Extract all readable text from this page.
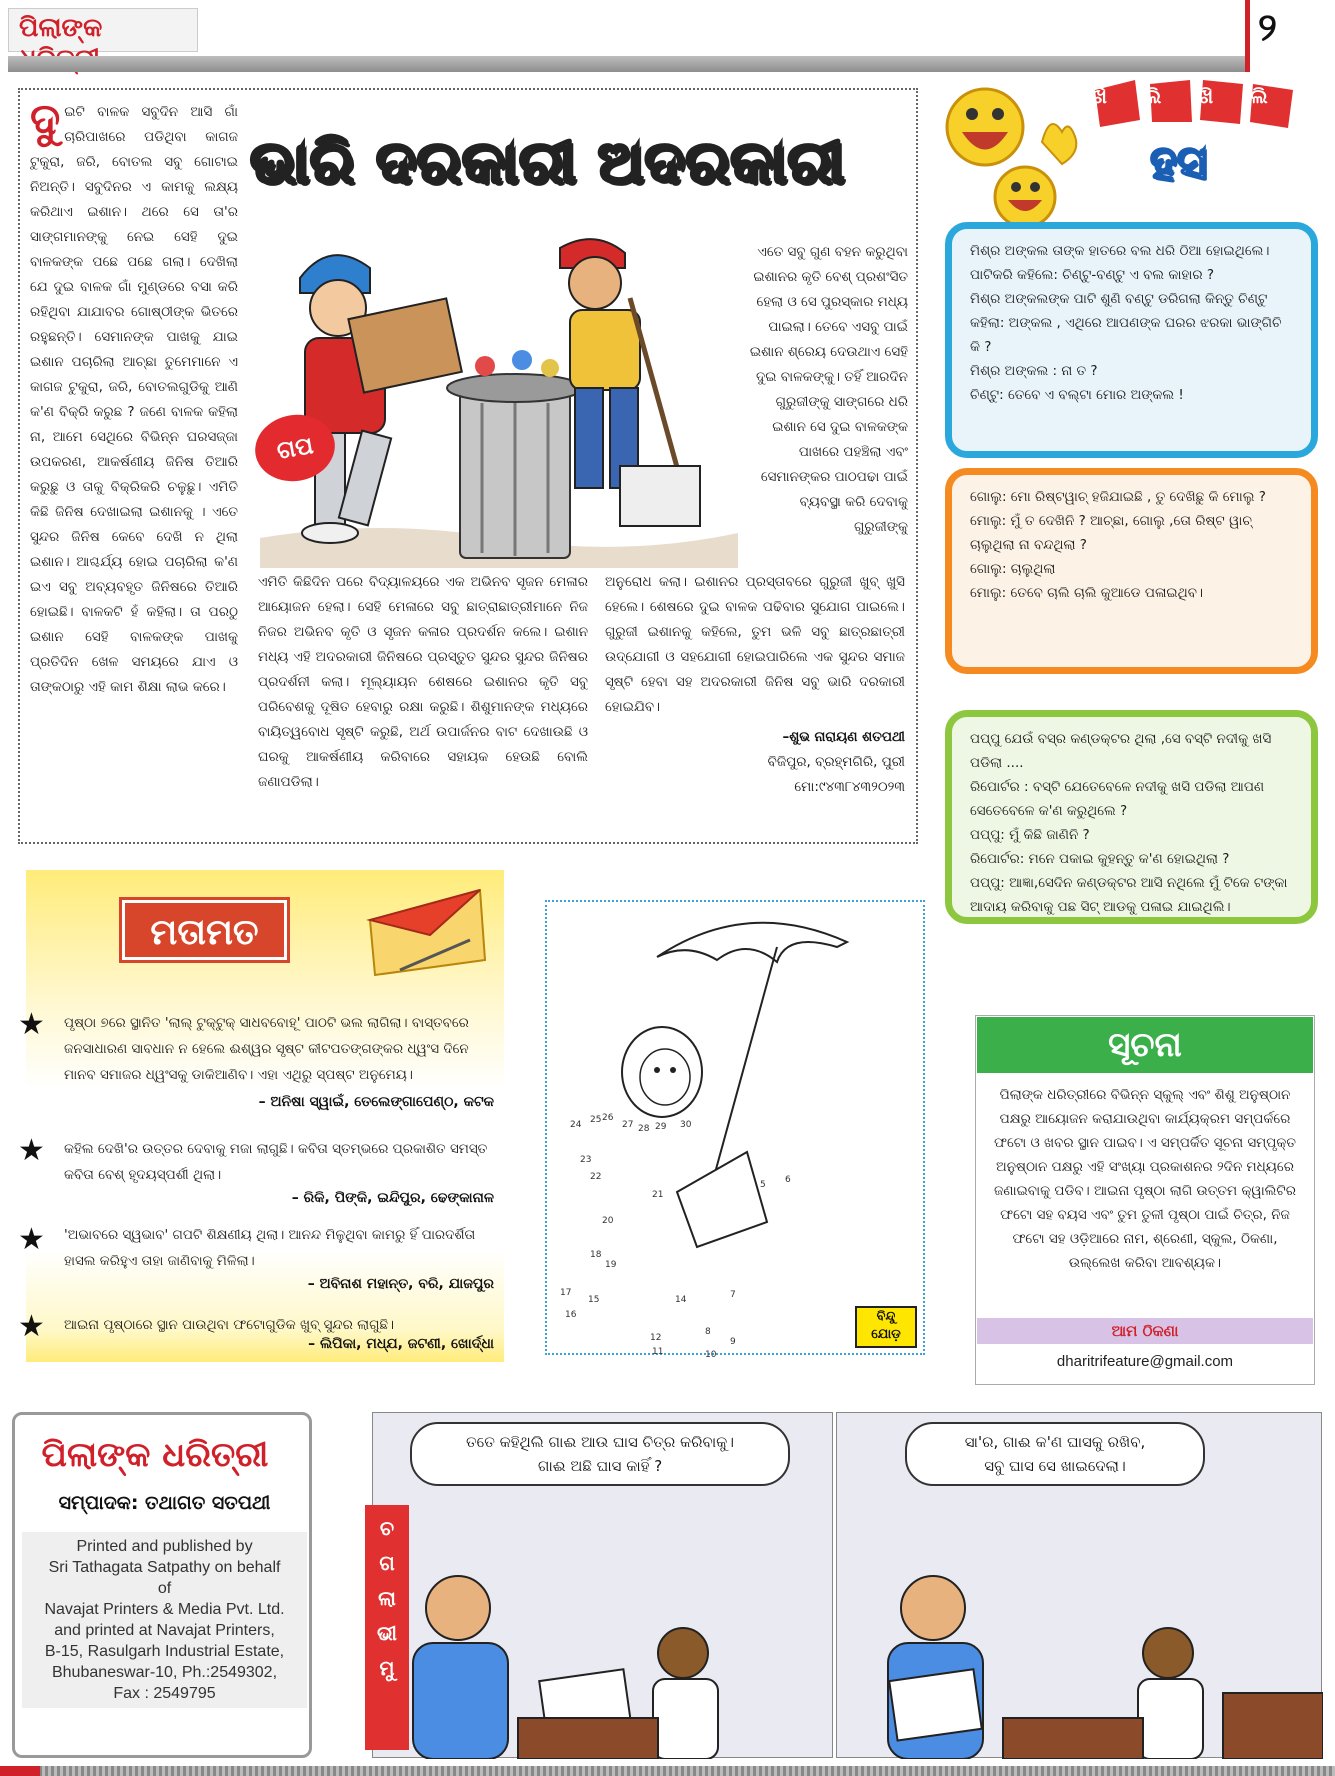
ପିଲାଙ୍କ	୨
ଦୁଇଟି ବାଳକ ସବୁଦିନ ଆସି ଗାଁ ଚାରିପାଖରେ ପଡିଥିବା କାଗଜ ଟୁକୁରା, ଜରି, ବୋତଲ ସବୁ ଗୋଟାଇ ନିଅନ୍ତି। ସବୁଦିନର ଏ କାମକୁ ଲକ୍ଷ୍ୟ କରିଥାଏ ଇଶାନ। ଥରେ ସେ ତା'ର ସାଙ୍ଗମାନଙ୍କୁ ନେଇ ସେହି ଦୁଇ ବାଳକଙ୍କ ପଛେ ପଛେ ଗଲା। ଦେଖିଲା ଯେ ଦୁଇ ବାଳକ ଗାଁ ମୁଣ୍ଡରେ ବସା କରି ରହିଥିବା ଯାଯାବର ଗୋଷ୍ଠୀଙ୍କ ଭିତରେ ରହୁଛନ୍ତି। ସେମାନଙ୍କ ପାଖକୁ ଯାଇ ଇଶାନ ପଚାରିଲା ଆଚ୍ଛା ତୁମେମାନେ ଏ କାଗଜ ଟୁକୁରା, ଜରି, ବୋତଲଗୁଡିକୁ ଆଣି କ'ଣ ବିକ୍ରି କରୁଛ ? ଜଣେ ବାଳକ କହିଲା ନା, ଆମେ ସେଥିରେ ବିଭିନ୍ନ ଘରସଜ୍ଜା ଉପକରଣ, ଆକର୍ଷଣୀୟ ଜିନିଷ ତିଆରି କରୁଛୁ ଓ ତାକୁ ବିକ୍ରିକରି ଚଳୁଛୁ। ଏମିତି କିଛି ଜିନିଷ ଦେଖାଇଲା ଇଶାନକୁ । ଏତେ ସୁନ୍ଦର ଜିନିଷ କେବେ ଦେଖି ନ ଥିଲା ଇଶାନ। ଆଶ୍ଚର୍ଯ୍ୟ ହୋଇ ପଚାରିଲା କ'ଣ ଇଏ ସବୁ ଅବ୍ୟବହୃତ ଜିନିଷରେ ତିଆରି ହୋଇଛି। ବାଳକଟି ହଁ କହିଲା। ତା ପରଠୁ ଇଶାନ ସେହି ବାଳକଙ୍କ ପାଖକୁ ପ୍ରତିଦିନ ଖେଳ ସମୟରେ ଯାଏ ଓ ତାଙ୍କଠାରୁ ଏହି କାମ ଶିକ୍ଷା ଲାଭ କରେ।
ଭାରି ଦରକାରୀ ଅଦରକାରୀ
ଗପ
ଏତେ ସବୁ ଗୁଣ ବହନ କରୁଥିବା ଇଶାନର କୃତି ବେଶ୍ ପ୍ରଶଂସିତ ହେଲା ଓ ସେ ପୁରସ୍କାର ମଧ୍ୟ ପାଇଲା। ତେବେ ଏସବୁ ପାଇଁ ଇଶାନ ଶ୍ରେୟ ଦେଉଥାଏ ସେହି ଦୁଇ ବାଳକଙ୍କୁ। ତହିଁ ଆରଦିନ ଗୁରୁଜୀଙ୍କୁ ସାଙ୍ଗରେ ଧରି ଇଶାନ ସେ ଦୁଇ ବାଳକଙ୍କ ପାଖରେ ପହଞ୍ଚିଲା ଏବଂ ସେମାନଙ୍କର ପାଠପଢା ପାଇଁ ବ୍ୟବସ୍ଥା କରି ଦେବାକୁ ଗୁରୁଜୀଙ୍କୁ
ଏମିତି କିଛିଦିନ ପରେ ବିଦ୍ୟାଳୟରେ ଏକ ଅଭିନବ ସୃଜନ ମେଳାର ଆୟୋଜନ ହେଲା। ସେହି ମେଳାରେ ସବୁ ଛାତ୍ରାଛାତ୍ରୀମାନେ ନିଜ ନିଜର ଅଭିନବ କୃତି ଓ ସୃଜନ କଳାର ପ୍ରଦର୍ଶନ କଲେ। ଇଶାନ ମଧ୍ୟ ଏହି ଅଦରକାରୀ ଜିନିଷରେ ପ୍ରସ୍ତୁତ ସୁନ୍ଦର ସୁନ୍ଦର ଜିନିଷର ପ୍ରଦର୍ଶନୀ କଲା। ମୂଲ୍ୟାୟନ ଶେଷରେ ଇଶାନର କୃତି ସବୁ ପରିବେଶକୁ ଦୂଷିତ ହେବାରୁ ରକ୍ଷା କରୁଛି। ଶିଶୁମାନଙ୍କ ମଧ୍ୟରେ ବାୟିତ୍ୱବୋଧ ସୃଷ୍ଟି କରୁଛି, ଅର୍ଥ ଉପାର୍ଜନର ବାଟ ଦେଖାଉଛି ଓ ଘରକୁ ଆକର୍ଷଣୀୟ କରିବାରେ ସହାୟକ ହେଉଛି ବୋଲି ଜଣାପଡିଲା।
ଅନୁରୋଧ କଲା। ଇଶାନର ପ୍ରସ୍ତାବରେ ଗୁରୁଜୀ ଖୁବ୍ ଖୁସି ହେଲେ। ଶେଷରେ ଦୁଇ ବାଳକ ପଢିବାର ସୁଯୋଗ ପାଇଲେ। ଗୁରୁଜୀ ଇଶାନକୁ କହିଲେ, ତୁମ ଭଳି ସବୁ ଛାତ୍ରଛାତ୍ରୀ ଉଦ୍‌ଯୋଗୀ ଓ ସହଯୋଗୀ ହୋଇପାରିଲେ ଏକ ସୁନ୍ଦର ସମାଜ ସୃଷ୍ଟି ହେବା ସହ ଅଦରକାରୀ ଜିନିଷ ସବୁ ଭାରି ଦରକାରୀ ହୋଇଯିବ।
–ଶୁଭ ନାରାୟଣ ଶତପଥୀ
ବିଜିପୁର, ବ୍ରହ୍ମଗିରି, ପୁରୀ
ମୋ:୯୪୩୮୪୩୨୦୨୩
ଖି ଲି ଖି ଲି
ହସ
ମିଶ୍ର ଅଙ୍କଲ ତାଙ୍କ ହାତରେ ବଲ ଧରି ଠିଆ ହୋଇଥିଲେ। ପାଟିକରି କହିଲେ: ଚିଣ୍ଟୁ-ବଣ୍ଟୁ ଏ ବଲ କାହାର ?
ମିଶ୍ର ଅଙ୍କଲଙ୍କ ପାଟି ଶୁଣି ବଣ୍ଟୁ ଡରିଗଲା କିନ୍ତୁ ଚିଣ୍ଟୁ କହିଲା: ଅଙ୍କଲ , ଏଥିରେ ଆପଣଙ୍କ ଘରର ଝରକା ଭାଙ୍ଗିଚି କି ?
ମିଶ୍ର ଅଙ୍କଲ : ନା ତ ?
ଚିଣ୍ଟୁ: ତେବେ ଏ ବଲ୍‌ଟା ମୋର ଅଙ୍କଲ !
ଗୋଲୁ: ମୋ ରିଷ୍ଟୱାଚ୍ ହଜିଯାଇଛି , ତୁ ଦେଖିଛୁ କି ମୋଲୁ ?
ମୋଲୁ: ମୁଁ ତ ଦେଖିନି ? ଆଚ୍ଛା, ଗୋଲୁ ,ତୋ ରିଷ୍ଟ ୱାଚ୍ ଚାଲୁଥିଲା ନା ବନ୍ଦଥିଲା ?
ଗୋଲୁ: ଚାଲୁଥିଲା
ମୋଲୁ: ତେବେ ଚାଲି ଚାଲି କୁଆଡେ ପଳାଇଥିବ।
ପପ୍ପୁ ଯେଉଁ ବସ୍‌ର କଣ୍ଡକ୍ଟର ଥିଲା ,ସେ ବସ୍‌ଟି ନଦୀକୁ ଖସି ପଡିଲା ....
ରିପୋର୍ଟର : ବସ୍‌ଟି ଯେତେବେଳେ ନଦୀକୁ ଖସି ପଡିଲା ଆପଣ ସେତେବେଳେ କ'ଣ କରୁଥିଲେ ?
ପପ୍ପୁ: ମୁଁ କିଛି ଜାଣିନି ?
ରିପୋର୍ଟର: ମନେ ପକାଇ କୁହନ୍ତୁ କ'ଣ ହୋଇଥିଲା ?
ପପ୍ପୁ: ଆଜ୍ଞା,ସେଦିନ କଣ୍ଡକ୍ଟର ଆସି ନଥିଲେ ମୁଁ ଟିକେ ଟଙ୍କା ଆଦାୟ କରିବାକୁ ପଛ ସିଟ୍ ଆଡକୁ ପଳାଇ ଯାଇଥିଲି।
ମତାମତ
★ ପୃଷ୍ଠା ୭ରେ ସ୍ଥାନିତ 'ଲାଲ୍ ଟୁକ୍‌ଟୁକ୍ ସାଧବବୋହୂ' ପାଠଟି ଭଲ ଲାଗିଲା। ବାସ୍ତବରେ ଜନସାଧାରଣ ସାବଧାନ ନ ହେଲେ ଈଶ୍ୱର ସୃଷ୍ଟ କୀଟପତଙ୍ଗଙ୍କର ଧ୍ୱଂସ ଦିନେ ମାନବ ସମାଜର ଧ୍ୱଂସକୁ ଡାକିଆଣିବ। ଏହା ଏଥିରୁ ସ୍ପଷ୍ଟ ଅନୁମେୟ।
– ଅନିଷା ସ୍ୱାଇଁ, ତେଲେଙ୍ଗାପେଣ୍ଠ, କଟକ
★ କହିଲ ଦେଖି'ର ଉତ୍ତର ଦେବାକୁ ମଜା ଲାଗୁଛି। କବିତା ସ୍ତମ୍ଭରେ ପ୍ରକାଶିତ ସମସ୍ତ କବିତା ବେଶ୍ ହୃଦୟସ୍ପର୍ଶୀ ଥିଲା।
– ରିକି, ପିଙ୍କି, ଇନ୍ଦିପୁର, ଢେଙ୍କାନାଳ
★ 'ଅଭାବରେ ସ୍ୱଭାବ' ଗପଟି ଶିକ୍ଷଣୀୟ ଥିଲା। ଆନନ୍ଦ ମିଳୁଥିବା କାମରୁ ହିଁ ପାରଦର୍ଶିତା ହାସଲ କରିହୁଏ ତାହା ଜାଣିବାକୁ ମିଳିଲା।
– ଅବିନାଶ ମହାନ୍ତ, ବରି, ଯାଜପୁର
★ ଆଇନା ପୃଷ୍ଠାରେ ସ୍ଥାନ ପାଉଥିବା ଫଟୋଗୁଡିକ ଖୁବ୍ ସୁନ୍ଦର ଲାଗୁଛି।
– ଲିପିକା, ମଧ୍ଯ, ଜଟଣୀ, ଖୋର୍ଦ୍ଧା
24 25 26
27 28 29 30
23
22
21
20
18
19
17
15
16
5 6
7
14
8
12	9
11	10
ବିନ୍ଦୁ
ଯୋଡ଼
ସୂଚନା
ପିଲାଙ୍କ ଧରିତ୍ରୀରେ ବିଭିନ୍ନ ସ୍କୁଲ୍ ଏବଂ ଶିଶୁ ଅନୁଷ୍ଠାନ ପକ୍ଷରୁ ଆୟୋଜନ କରାଯାଉଥିବା କାର୍ଯ୍ୟକ୍ରମ ସମ୍ପର୍କରେ ଫଟୋ ଓ ଖବର ସ୍ଥାନ ପାଇବ। ଏ ସମ୍ପର୍କିତ ସୂଚନା ସମ୍ପୃକ୍ତ ଅନୁଷ୍ଠାନ ପକ୍ଷରୁ ଏହି ସଂଖ୍ୟା ପ୍ରକାଶନର ୨ଦିନ ମଧ୍ୟରେ ଜଣାଇବାକୁ ପଡିବ। ଆଇନା ପୃଷ୍ଠା ଲାଗି ଉତ୍ତମ କ୍ୱାଲିଟିର ଫଟୋ ସହ ବୟସ ଏବଂ ତୁମ ତୁଳୀ ପୃଷ୍ଠା ପାଇଁ ଚିତ୍ର, ନିଜ ଫଟୋ ସହ ଓଡ଼ିଆରେ ନାମ, ଶ୍ରେଣୀ, ସ୍କୁଲ, ଠିକଣା, ଉଲ୍ଲେଖ କରିବା ଆବଶ୍ୟକ।
ଆମ ଠିକଣା
dharitrifeature@gmail.com
ପିଲାଙ୍କ ଧରିତ୍ରୀ
ସମ୍ପାଦକ: ତଥାଗତ ସତପଥୀ
Printed and published by
Sri Tathagata Satpathy on behalf
of
Navajat Printers & Media Pvt. Ltd.
and printed at Navajat Printers,
B-15, Rasulgarh Industrial Estate,
Bhubaneswar-10, Ph.:2549302,
Fax : 2549795
ତତେ କହିଥିଲି ଗାଈ ଆଉ ଘାସ ଚିତ୍ର କରିବାକୁ।
ଗାଈ ଅଛି ଘାସ କାହିଁ ?
ସା'ର, ଗାଈ କ'ଣ ଘାସକୁ ରଖିବ,
ସବୁ ଘାସ ସେ ଖାଇଦେଲା।
ଚ
ଗ
ଲା
ଭୀ
ମୁ
